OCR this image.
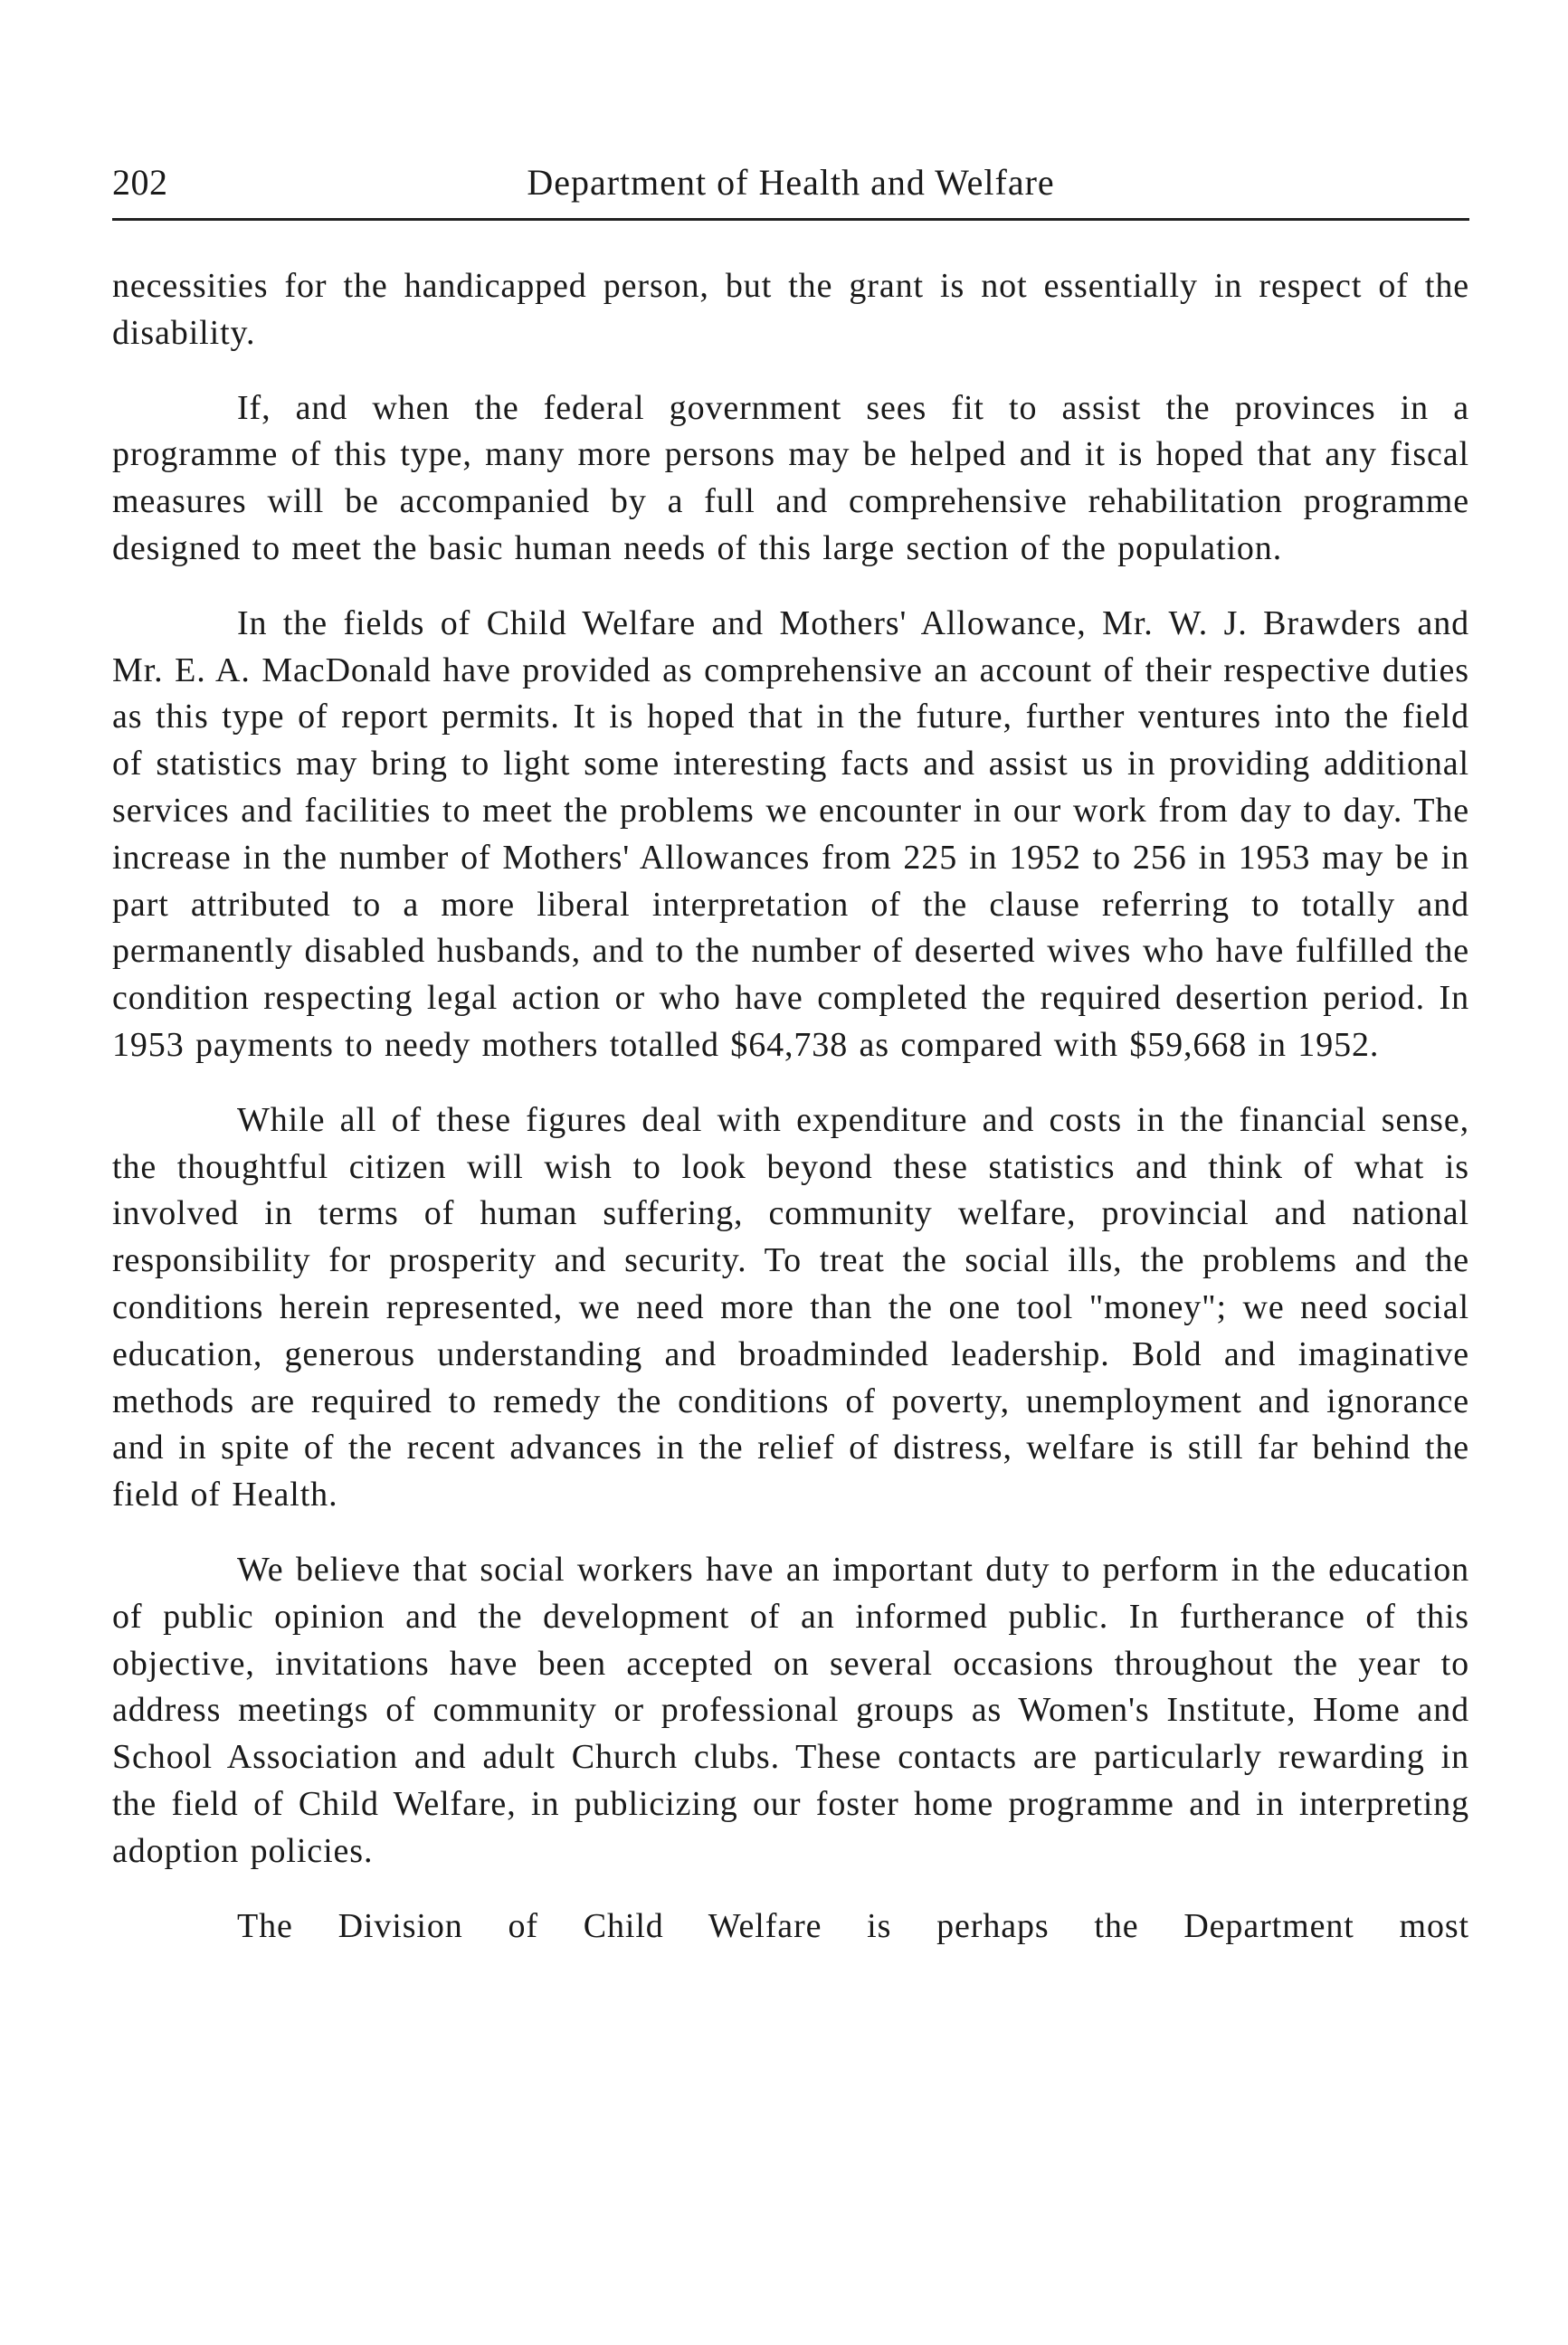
202	Department of Health and Welfare

necessities for the handicapped person, but the grant is not essentially in respect of the disability.

If, and when the federal government sees fit to assist the provinces in a programme of this type, many more persons may be helped and it is hoped that any fiscal measures will be accompanied by a full and comprehensive rehabilitation programme designed to meet the basic human needs of this large section of the population.

In the fields of Child Welfare and Mothers' Allowance, Mr. W. J. Brawders and Mr. E. A. MacDonald have provided as comprehensive an account of their respective duties as this type of report permits. It is hoped that in the future, further ventures into the field of statistics may bring to light some interesting facts and assist us in providing additional services and facilities to meet the problems we encounter in our work from day to day. The increase in the number of Mothers' Allowances from 225 in 1952 to 256 in 1953 may be in part attributed to a more liberal interpretation of the clause referring to totally and permanently disabled husbands, and to the number of deserted wives who have fulfilled the condition respecting legal action or who have completed the required desertion period. In 1953 payments to needy mothers totalled $64,738 as compared with $59,668 in 1952.

While all of these figures deal with expenditure and costs in the financial sense, the thoughtful citizen will wish to look beyond these statistics and think of what is involved in terms of human suffering, community welfare, provincial and national responsibility for prosperity and security. To treat the social ills, the problems and the conditions herein represented, we need more than the one tool "money"; we need social education, generous understanding and broadminded leadership. Bold and imaginative methods are required to remedy the conditions of poverty, unemployment and ignorance and in spite of the recent advances in the relief of distress, welfare is still far behind the field of Health.

We believe that social workers have an important duty to perform in the education of public opinion and the development of an informed public. In furtherance of this objective, invitations have been accepted on several occasions throughout the year to address meetings of community or professional groups as Women's Institute, Home and School Association and adult Church clubs. These contacts are particularly rewarding in the field of Child Welfare, in publicizing our foster home programme and in interpreting adoption policies.

The Division of Child Welfare is perhaps the Department most
